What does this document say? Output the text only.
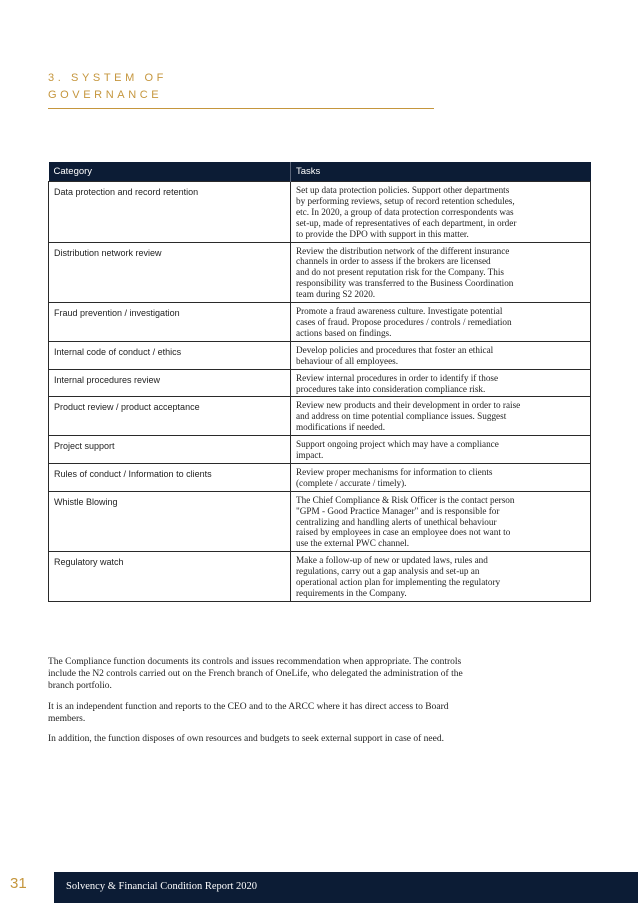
3. SYSTEM OF
GOVERNANCE
Category	Tasks
Data protection and record retention	Set up data protection policies. Support other departments
by performing reviews, setup of record retention schedules,
etc. In 2020, a group of data protection correspondents was
set-up, made of representatives of each department, in order
to provide the DPO with support in this matter.

Distribution network review	Review the distribution network of the different insurance
channels in order to assess if the brokers are licensed
and do not present reputation risk for the Company. This
responsibility was transferred to the Business Coordination
team during S2 2020.

Fraud prevention / investigation	Promote a fraud awareness culture. Investigate potential
cases of fraud. Propose procedures / controls / remediation
actions based on findings.

Internal code of conduct / ethics	Develop policies and procedures that foster an ethical
behaviour of all employees.

Internal procedures review	Review internal procedures in order to identify if those
procedures take into consideration compliance risk.

Product review / product acceptance	Review new products and their development in order to raise
and address on time potential compliance issues. Suggest
modifications if needed.

Project support	Support ongoing project which may have a compliance
impact.

Rules of conduct / Information to clients	Review proper mechanisms for information to clients
(complete / accurate / timely).

Whistle Blowing	The Chief Compliance & Risk Officer is the contact person
"GPM - Good Practice Manager" and is responsible for
centralizing and handling alerts of unethical behaviour
raised by employees in case an employee does not want to
use the external PWC channel.

Regulatory watch	Make a follow-up of new or updated laws, rules and
regulations, carry out a gap analysis and set-up an
operational action plan for implementing the regulatory
requirements in the Company.

The Compliance function documents its controls and issues recommendation when appropriate. The controls
include the N2 controls carried out on the French branch of OneLife, who delegated the administration of the
branch portfolio.

It is an independent function and reports to the CEO and to the ARCC where it has direct access to Board
members.

In addition, the function disposes of own resources and budgets to seek external support in case of need.

31	Solvency & Financial Condition Report 2020
